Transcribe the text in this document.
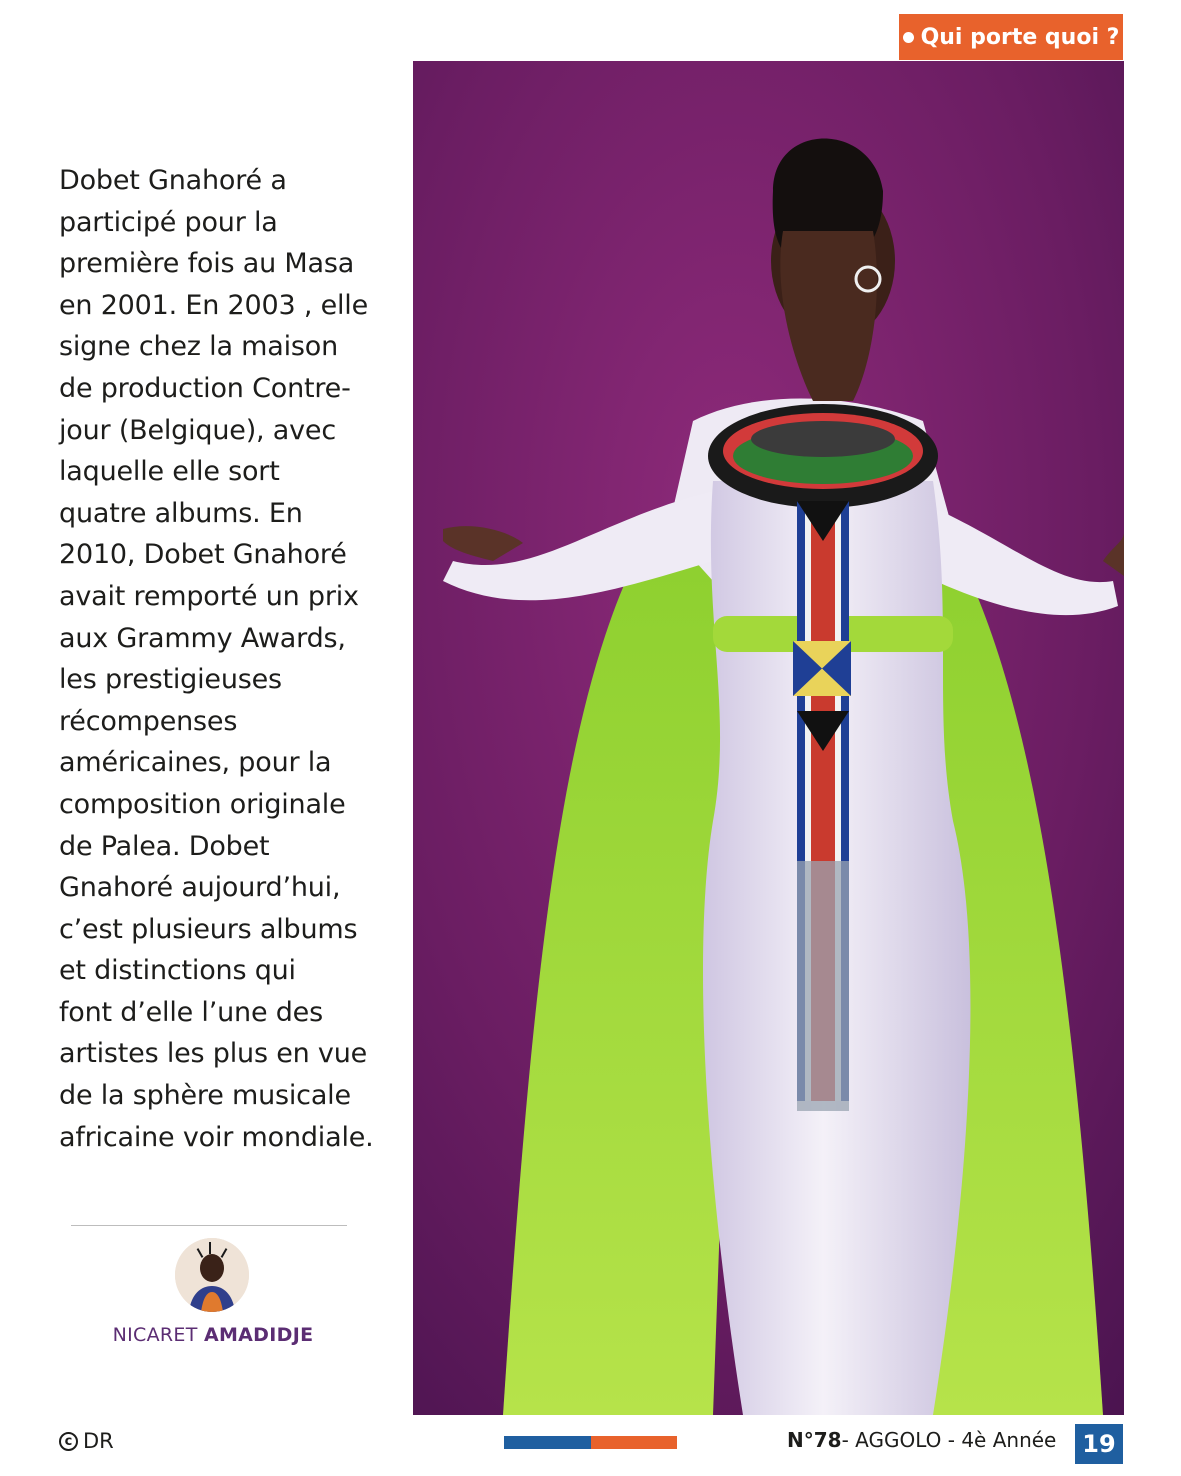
Qui porte quoi ?

Dobet Gnahoré a
participé pour la
première fois au Masa
en 2001. En 2003 , elle
signe chez la maison
de production Contre-
jour (Belgique), avec
laquelle elle sort
quatre albums. En
2010, Dobet Gnahoré
avait remporté un prix
aux Grammy Awards,
les prestigieuses
récompenses
américaines, pour la
composition originale
de Palea. Dobet
Gnahoré aujourd’hui,
c’est plusieurs albums
et distinctions qui
font d’elle l’une des
artistes les plus en vue
de la sphère musicale
africaine voir mondiale.

NICARET AMADIDJE
c DR	N°78 - AGGOLO - 4è Année	19
